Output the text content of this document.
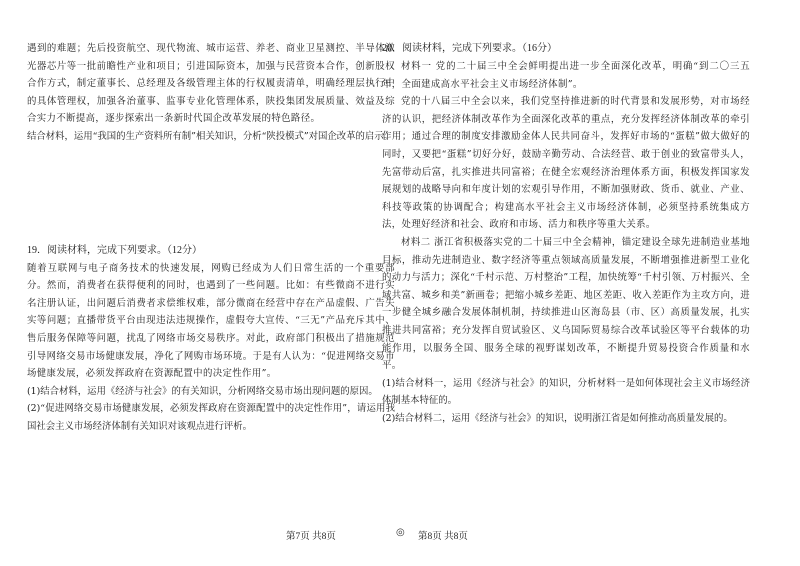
遇到的难题；先后投资航空、现代物流、城市运营、养老、商业卫星测控、半导体激光器芯片等一批前瞻性产业和项目；引进国际资本，加强与民营资本合作，创新股权合作方式，制定董事长、总经理及各级管理主体的行权履责清单，明确经理层执行中的具体管理权，加强各治董事、监事专业化管理体系，陕投集团发展质量、效益及综合实力不断提高，逐步探索出一条新时代国企改革发展的特色路径。

结合材料，运用“我国的生产资料所有制”相关知识，分析“陕投模式”对国企改革的启示。

19．阅读材料，完成下列要求。（12分）

随着互联网与电子商务技术的快速发展，网购已经成为人们日常生活的一个重要部分。然而，消费者在获得便利的同时，也遇到了一些问题。比如：有些微商不进行实名注册认证，出问题后消费者求偿维权难，部分微商在经营中存在产品虚假、广告失实等问题；直播带货平台由现违法违规操作，虚假夸大宣传、“三无”产品充斥其中、售后服务保障等问题，扰乱了网络市场交易秩序。对此，政府部门积极出了措施规范引导网络交易市场健康发展，净化了网购市场环境。于是有人认为：“促进网络交易市场健康发展，必须发挥政府在资源配置中的决定性作用”。

(1)结合材料，运用《经济与社会》的有关知识，分析网络交易市场出现问题的原因。

(2)“促进网络交易市场健康发展，必须发挥政府在资源配置中的决定性作用”，请运用我国社会主义市场经济体制有关知识对该观点进行评析。

20．阅读材料，完成下列要求。（16分）

材料一 党的二十届三中全会鲜明提出进一步全面深化改革，明确“到二〇三五年，全面建成高水平社会主义市场经济体制”。

党的十八届三中全会以来，我们党坚持推进新的时代背景和发展形势，对市场经济的认识，把经济体制改革作为全面深化改革的重点，充分发挥经济体制改革的牵引作用；通过合理的制度安排激励金体人民共同奋斗，发挥好市场的“蛋糕”做大做好的同时，又要把“蛋糕”切好分好，鼓励辛勤劳动、合法经营、敢于创业的致富带头人，先富带动后富，扎实推进共同富裕；在健全宏观经济治理体系方面，积极发挥国家发展规划的战略导向和年度计划的宏观引导作用，不断加强财政、货币、就业、产业、科技等政策的协调配合；构建高水平社会主义市场经济体制，必须坚持系统集成方法，处理好经济和社会、政府和市场、活力和秩序等重大关系。

材料二 浙江省积极落实党的二十届三中全会精神，锚定建设全球先进制造业基地目标，推动先进制造业、数字经济等重点领域高质量发展，不断增强推进新型工业化的动力与活力；深化“千村示范、万村整治”工程，加快统筹“千村引领、万村振兴、全域共富、城乡和美”新画卷；把缩小城乡差距、地区差距、收入差距作为主攻方向，进一步健全城乡融合发展体制机制，持续推进山区海岛县（市、区）高质量发展，扎实推进共同富裕；充分发挥自贸试验区、义乌国际贸易综合改革试验区等平台载体的功能作用，以服务全国、服务全球的视野谋划改革，不断提升贸易投资合作质量和水平。

(1)结合材料一，运用《经济与社会》的知识，分析材料一是如何体现社会主义市场经济体制基本特征的。

(2)结合材料二，运用《经济与社会》的知识，说明浙江省是如何推动高质量发展的。

第7页 共8页	◎ 第8页 共8页
